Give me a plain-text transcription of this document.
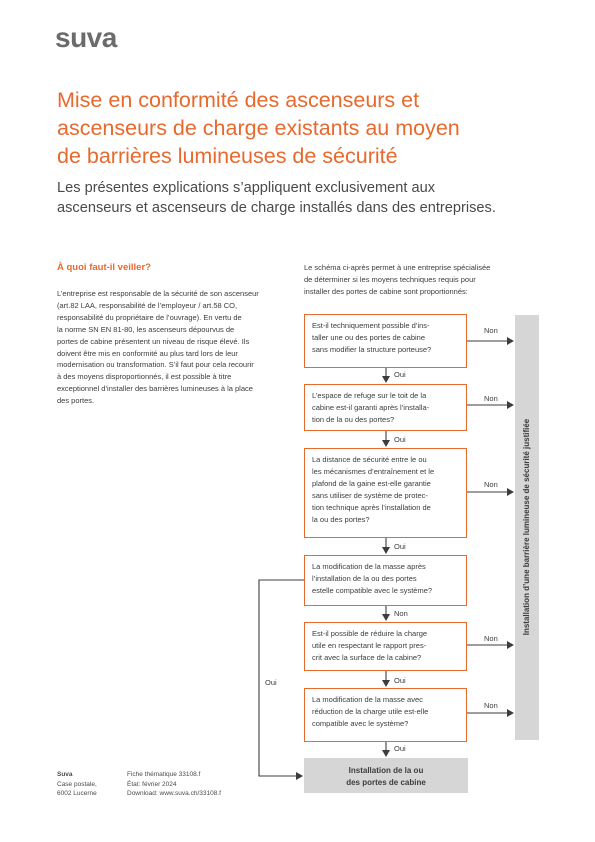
suva
Mise en conformité des ascenseurs et
ascenseurs de charge existants au moyen
de barrières lumineuses de sécurité
Les présentes explications s’appliquent exclusivement aux
ascenseurs et ascenseurs de charge installés dans des entreprises.
À quoi faut-il veiller?
L’entreprise est responsable de la sécurité de son ascenseur
(art.82 LAA, responsabilité de l’employeur / art.58 CO,
responsabilité du propriétaire de l’ouvrage). En vertu de
la norme SN EN 81-80, les ascenseurs dépourvus de
portes de cabine présentent un niveau de risque élevé. Ils
doivent être mis en conformité au plus tard lors de leur
modernisation ou transformation. S’il faut pour cela recourir
à des moyens disproportionnés, il est possible à titre
exceptionnel d’installer des barrières lumineuses à la place
des portes.
Le schéma ci-après permet à une entreprise spécialisée
de déterminer si les moyens techniques requis pour
installer des portes de cabine sont proportionnés:
Est-il techniquement possible d’ins-
taller une ou des portes de cabine
sans modifier la structure porteuse?
L’espace de refuge sur le toit de la
cabine est-il garanti après l’installa-
tion de la ou des portes?
La distance de sécurité entre le ou
les mécanismes d’entraînement et le
plafond de la gaine est-elle garantie
sans utiliser de système de protec-
tion technique après l’installation de
la ou des portes?
La modification de la masse après
l’installation de la ou des portes
estelle compatible avec le système?
Est-il possible de réduire la charge
utile en respectant le rapport pres-
crit avec la surface de la cabine?
La modification de la masse avec
réduction de la charge utile est-elle
compatible avec le système?
Installation de la ou
des portes de cabine
Installation d’une barrière lumineuse de sécurité justifiée
Non
Non
Non
Oui
Non
Non
Oui
Oui
Oui
Non
Oui
Oui
Suva
Case postale,
6002 Lucerne
Fiche thématique 33108.f
État: février 2024
Download: www.suva.ch/33108.f
